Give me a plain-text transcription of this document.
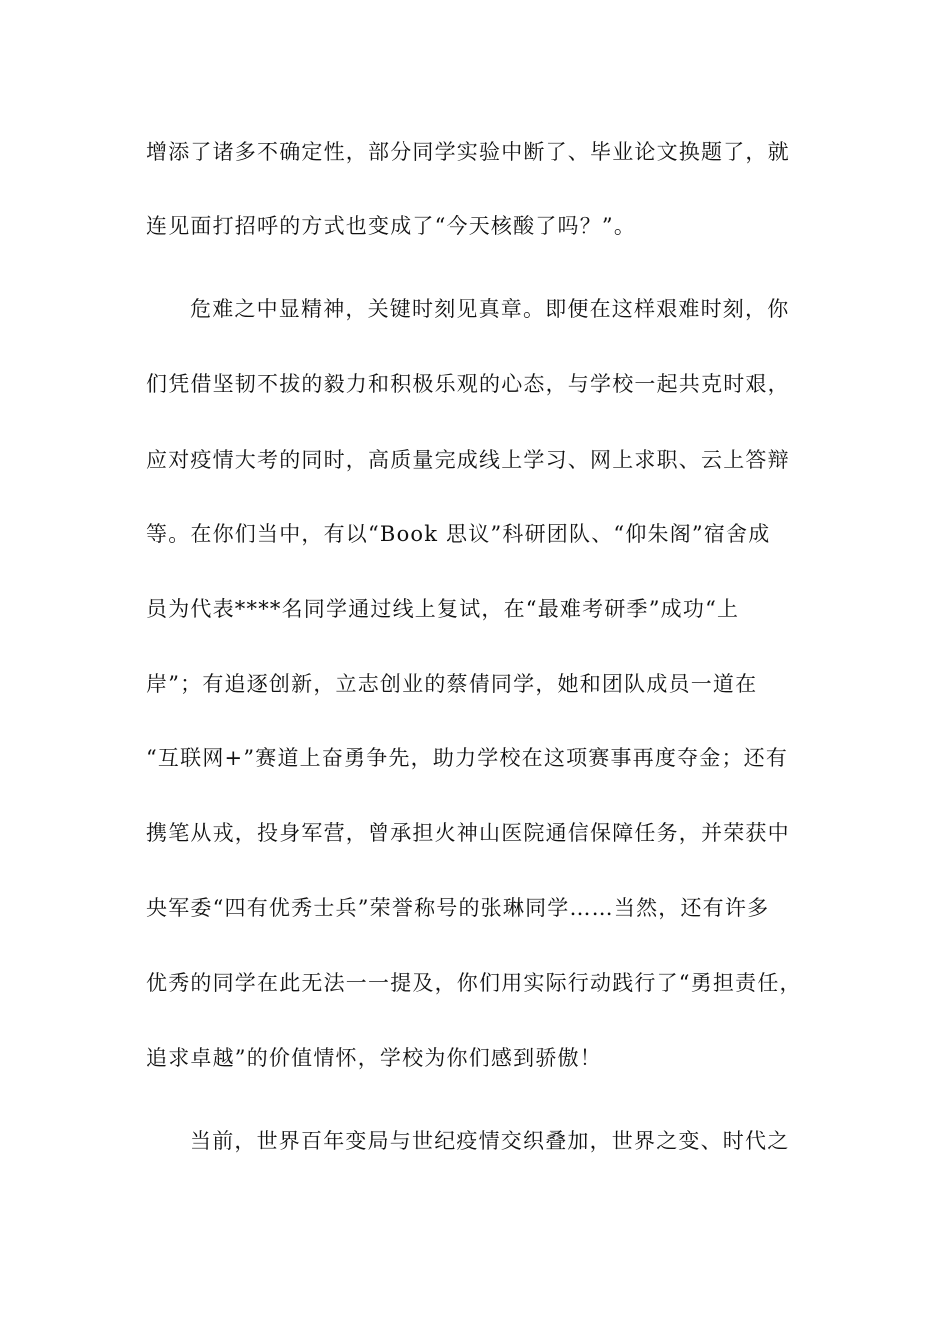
增添了诸多不确定性，部分同学实验中断了、毕业论文换题了，就
连见面打招呼的方式也变成了“今天核酸了吗？”。
危难之中显精神，关键时刻见真章。即便在这样艰难时刻，你
们凭借坚韧不拔的毅力和积极乐观的心态，与学校一起共克时艰，
应对疫情大考的同时，高质量完成线上学习、网上求职、云上答辩
等。在你们当中，有以“Book 思议”科研团队、“仰朱阁”宿舍成
员为代表****名同学通过线上复试，在“最难考研季”成功“上
岸”；有追逐创新，立志创业的蔡倩同学，她和团队成员一道在
“互联网+”赛道上奋勇争先，助力学校在这项赛事再度夺金；还有
携笔从戎，投身军营，曾承担火神山医院通信保障任务，并荣获中
央军委“四有优秀士兵”荣誉称号的张琳同学……当然，还有许多
优秀的同学在此无法一一提及，你们用实际行动践行了“勇担责任，
追求卓越”的价值情怀，学校为你们感到骄傲！
当前，世界百年变局与世纪疫情交织叠加，世界之变、时代之
